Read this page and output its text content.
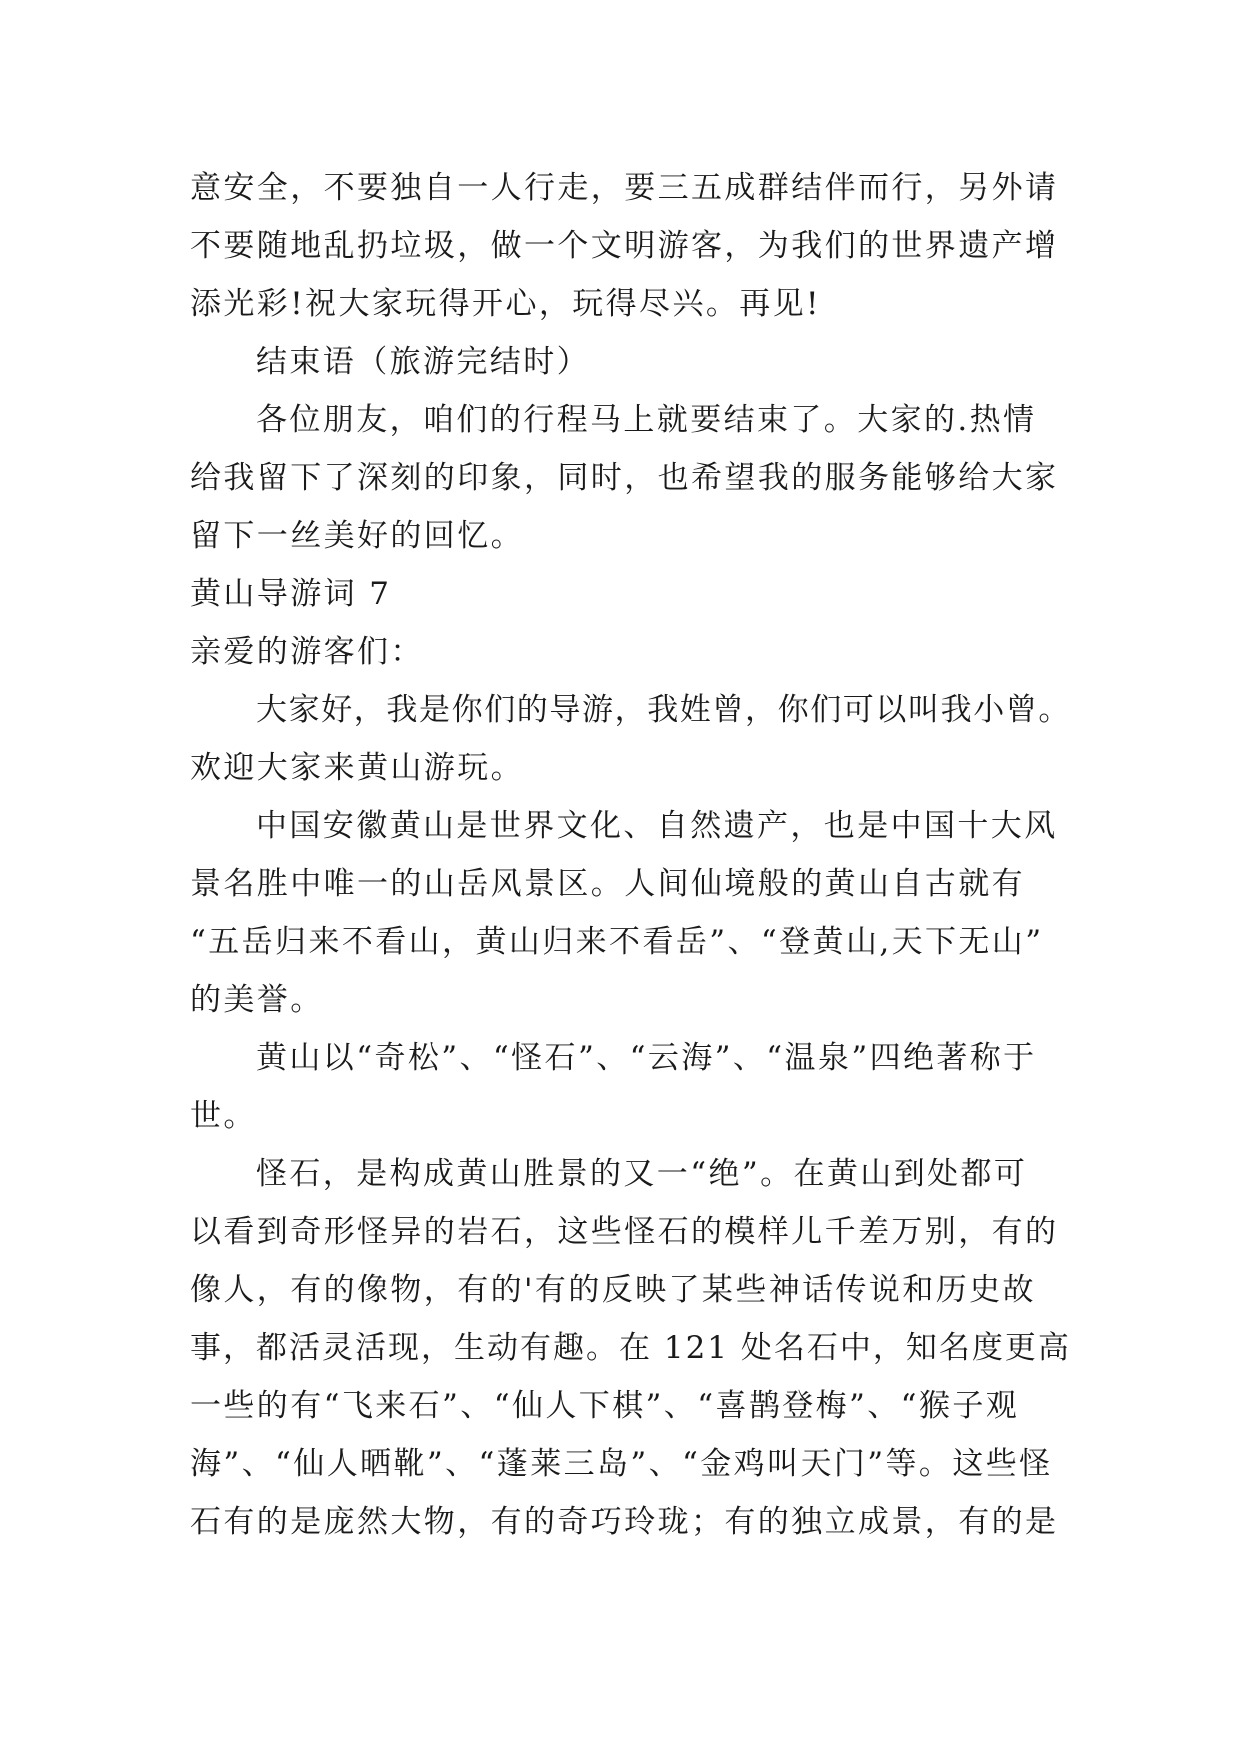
意安全，不要独自一人行走，要三五成群结伴而行，另外请
不要随地乱扔垃圾，做一个文明游客，为我们的世界遗产增
添光彩!祝大家玩得开心，玩得尽兴。再见!
结束语（旅游完结时）
各位朋友，咱们的行程马上就要结束了。大家的.热情
给我留下了深刻的印象，同时，也希望我的服务能够给大家
留下一丝美好的回忆。
黄山导游词 7
亲爱的游客们：
大家好，我是你们的导游，我姓曾，你们可以叫我小曾。
欢迎大家来黄山游玩。
中国安徽黄山是世界文化、自然遗产，也是中国十大风
景名胜中唯一的山岳风景区。人间仙境般的黄山自古就有
“五岳归来不看山，黄山归来不看岳”、“登黄山,天下无山”
的美誉。
黄山以“奇松”、“怪石”、“云海”、“温泉”四绝著称于
世。
怪石，是构成黄山胜景的又一“绝”。在黄山到处都可
以看到奇形怪异的岩石，这些怪石的模样儿千差万别，有的
像人，有的像物，有的'有的反映了某些神话传说和历史故
事，都活灵活现，生动有趣。在 121 处名石中，知名度更高
一些的有“飞来石”、“仙人下棋”、“喜鹊登梅”、“猴子观
海”、“仙人晒靴”、“蓬莱三岛”、“金鸡叫天门”等。这些怪
石有的是庞然大物，有的奇巧玲珑；有的独立成景，有的是
